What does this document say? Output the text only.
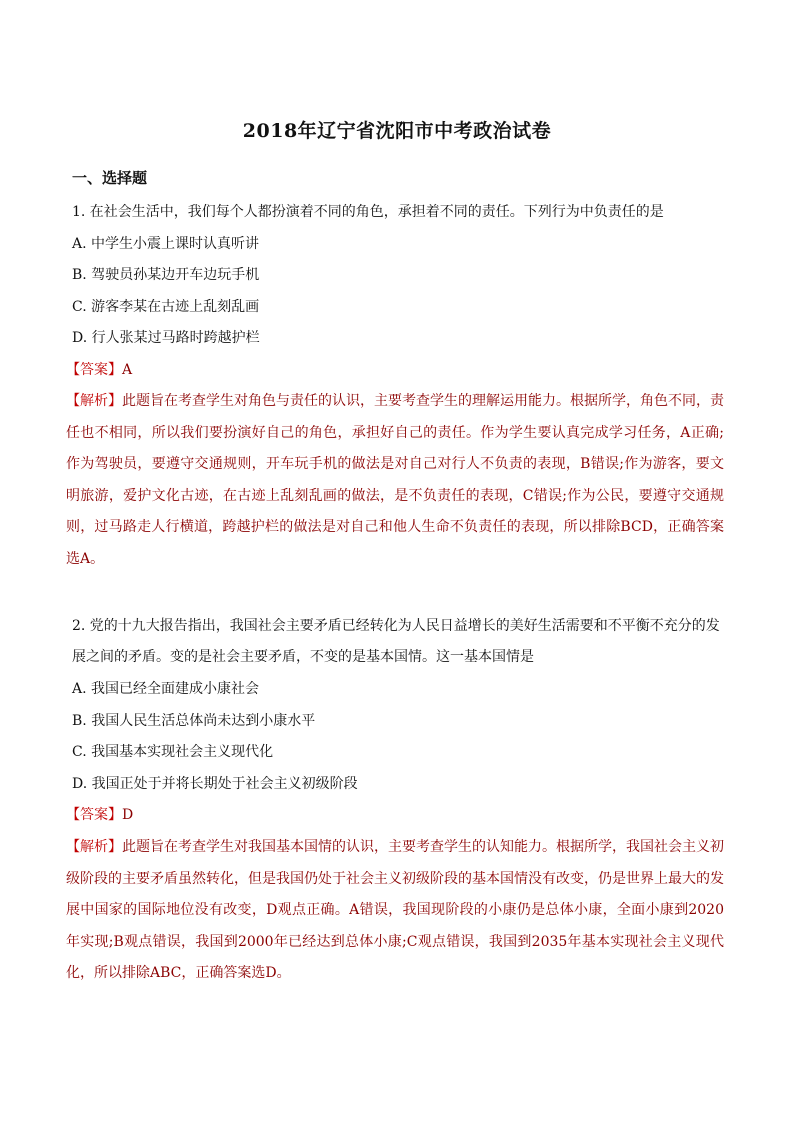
2018年辽宁省沈阳市中考政治试卷
一、选择题
1. 在社会生活中，我们每个人都扮演着不同的角色，承担着不同的责任。下列行为中负责任的是
A. 中学生小震上课时认真听讲
B. 驾驶员孙某边开车边玩手机
C. 游客李某在古迹上乱刻乱画
D. 行人张某过马路时跨越护栏
【答案】A
【解析】此题旨在考查学生对角色与责任的认识，主要考查学生的理解运用能力。根据所学，角色不同，责任也不相同，所以我们要扮演好自己的角色，承担好自己的责任。作为学生要认真完成学习任务，A正确;作为驾驶员，要遵守交通规则，开车玩手机的做法是对自己对行人不负责的表现，B错误;作为游客，要文明旅游，爱护文化古迹，在古迹上乱刻乱画的做法，是不负责任的表现，C错误;作为公民，要遵守交通规则，过马路走人行横道，跨越护栏的做法是对自己和他人生命不负责任的表现，所以排除BCD，正确答案选A。
2. 党的十九大报告指出，我国社会主要矛盾已经转化为人民日益增长的美好生活需要和不平衡不充分的发
展之间的矛盾。变的是社会主要矛盾，不变的是基本国情。这一基本国情是
A. 我国已经全面建成小康社会
B. 我国人民生活总体尚未达到小康水平
C. 我国基本实现社会主义现代化
D. 我国正处于并将长期处于社会主义初级阶段
【答案】D
【解析】此题旨在考查学生对我国基本国情的认识，主要考查学生的认知能力。根据所学，我国社会主义初级阶段的主要矛盾虽然转化，但是我国仍处于社会主义初级阶段的基本国情没有改变，仍是世界上最大的发展中国家的国际地位没有改变，D观点正确。A错误，我国现阶段的小康仍是总体小康，全面小康到2020年实现;B观点错误，我国到2000年已经达到总体小康;C观点错误，我国到2035年基本实现社会主义现代化，所以排除ABC，正确答案选D。
